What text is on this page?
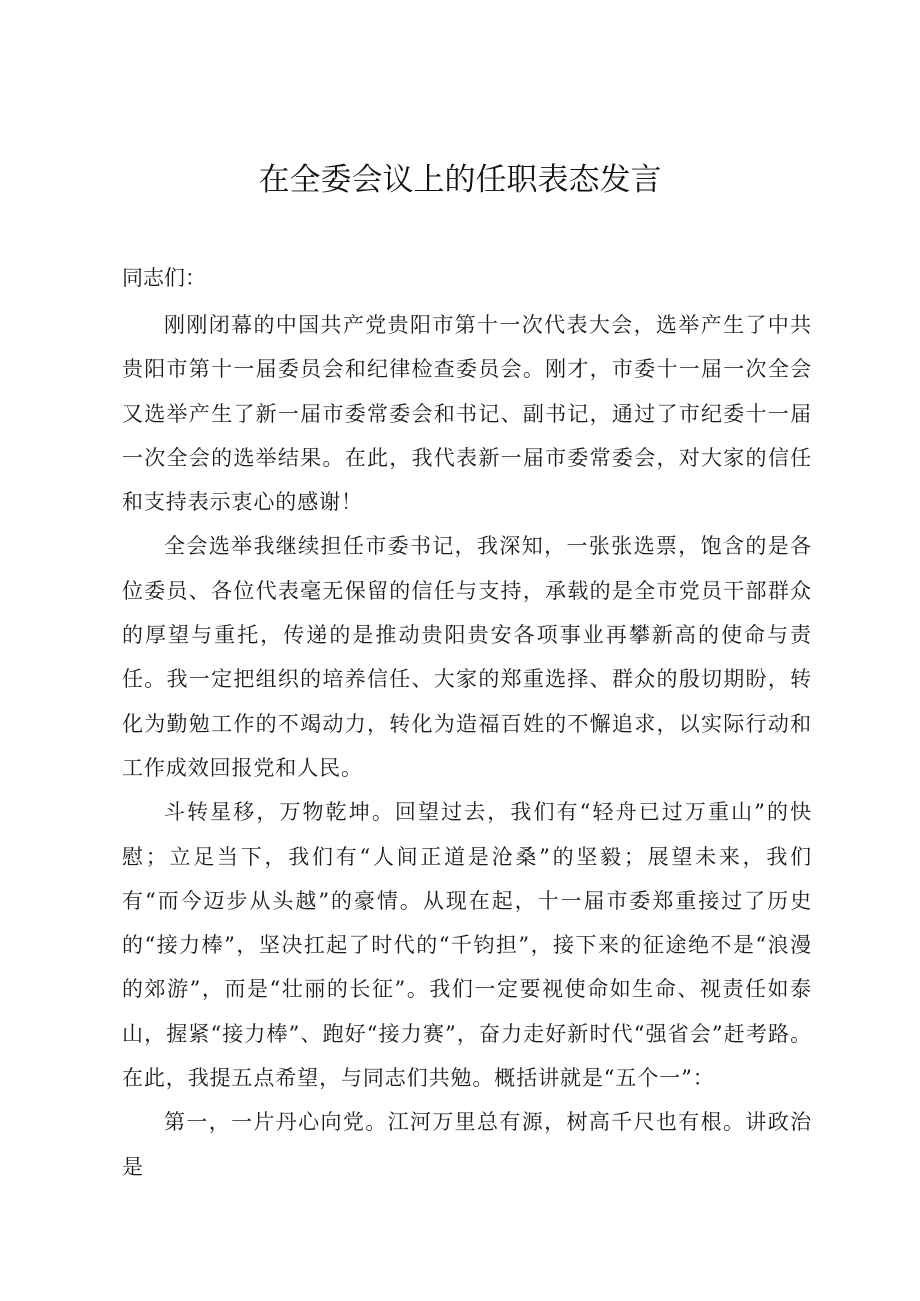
在全委会议上的任职表态发言
同志们：

刚刚闭幕的中国共产党贵阳市第十一次代表大会，选举产生了中共贵阳市第十一届委员会和纪律检查委员会。刚才，市委十一届一次全会又选举产生了新一届市委常委会和书记、副书记，通过了市纪委十一届一次全会的选举结果。在此，我代表新一届市委常委会，对大家的信任和支持表示衷心的感谢！

全会选举我继续担任市委书记，我深知，一张张选票，饱含的是各位委员、各位代表毫无保留的信任与支持，承载的是全市党员干部群众的厚望与重托，传递的是推动贵阳贵安各项事业再攀新高的使命与责任。我一定把组织的培养信任、大家的郑重选择、群众的殷切期盼，转化为勤勉工作的不竭动力，转化为造福百姓的不懈追求，以实际行动和工作成效回报党和人民。

斗转星移，万物乾坤。回望过去，我们有“轻舟已过万重山”的快慰；立足当下，我们有“人间正道是沧桑”的坚毅；展望未来，我们有“而今迈步从头越”的豪情。从现在起，十一届市委郑重接过了历史的“接力棒”，坚决扛起了时代的“千钧担”，接下来的征途绝不是“浪漫的郊游”，而是“壮丽的长征”。我们一定要视使命如生命、视责任如泰山，握紧“接力棒”、跑好“接力赛”，奋力走好新时代“强省会”赶考路。在此，我提五点希望，与同志们共勉。概括讲就是“五个一”：

第一，一片丹心向党。江河万里总有源，树高千尺也有根。讲政治是
